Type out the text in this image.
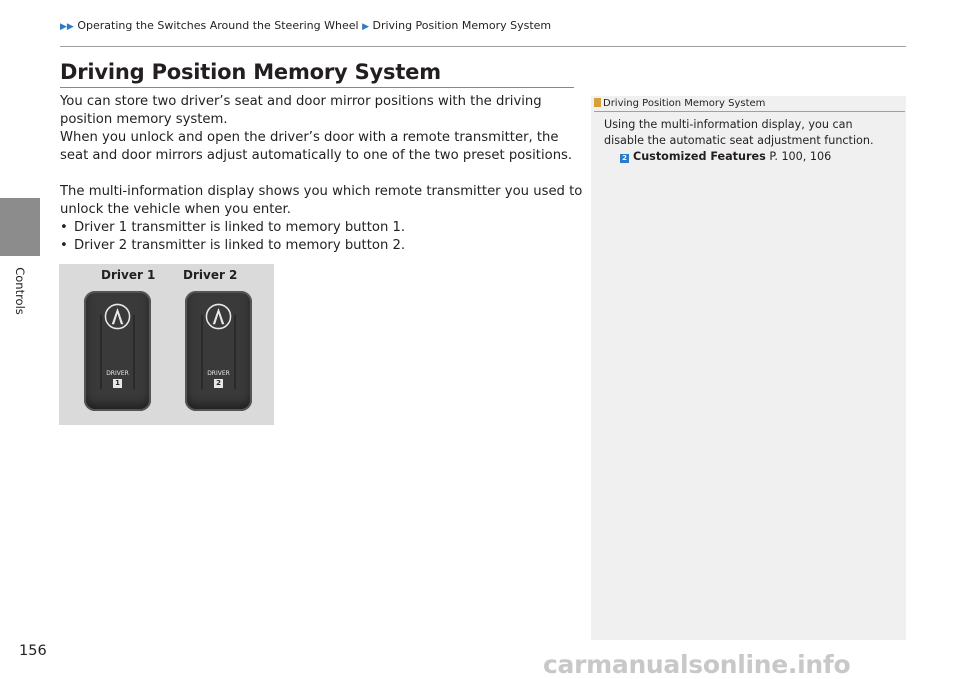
Controls
▶▶ Operating the Switches Around the Steering Wheel ▶ Driving Position Memory System
Driving Position Memory System

You can store two driver’s seat and door mirror positions with the driving position memory system.

When you unlock and open the driver’s door with a remote transmitter, the seat and door mirrors adjust automatically to one of the two preset positions.

The multi-information display shows you which remote transmitter you used to unlock the vehicle when you enter.

• Driver 1 transmitter is linked to memory button 1.

• Driver 2 transmitter is linked to memory button 2.

Driver 1 Driver 2
DRIVER
1
DRIVER
2
Driving Position Memory System

Using the multi-information display, you can disable the automatic seat adjustment function.

2 Customized Features P. 100, 106

156	carmanualsonline.info
